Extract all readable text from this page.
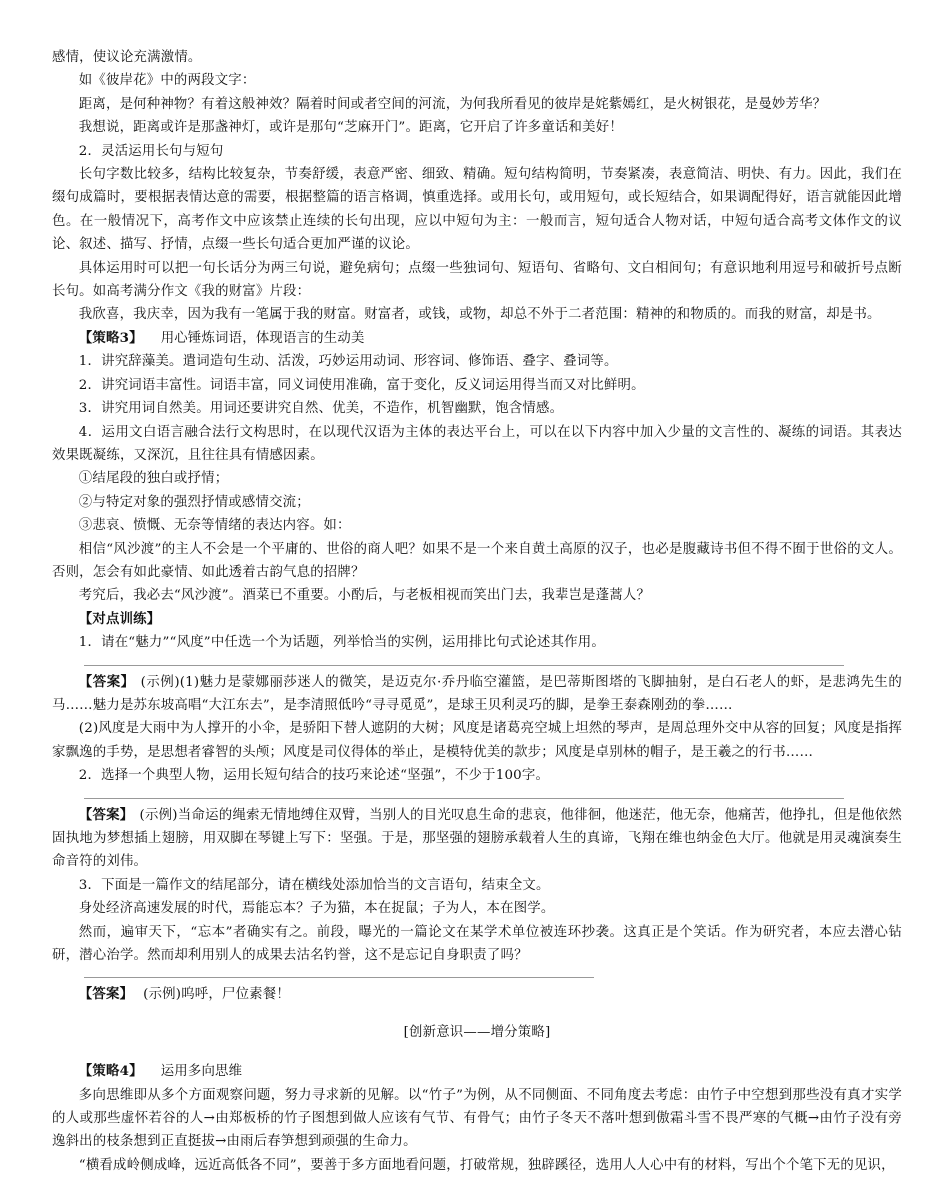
感情，使议论充满激情。

如《彼岸花》中的两段文字：

距离，是何种神物？有着这般神效？隔着时间或者空间的河流，为何我所看见的彼岸是姹紫嫣红，是火树银花，是曼妙芳华？

我想说，距离或许是那盏神灯，或许是那句“芝麻开门”。距离，它开启了许多童话和美好！

2．灵活运用长句与短句

长句字数比较多，结构比较复杂，节奏舒缓，表意严密、细致、精确。短句结构简明，节奏紧凑，表意简洁、明快、有力。因此，我们在缀句成篇时，要根据表情达意的需要，根据整篇的语言格调，慎重选择。或用长句，或用短句，或长短结合，如果调配得好，语言就能因此增色。在一般情况下，高考作文中应该禁止连续的长句出现，应以中短句为主：一般而言，短句适合人物对话，中短句适合高考文体作文的议论、叙述、描写、抒情，点缀一些长句适合更加严谨的议论。

具体运用时可以把一句长话分为两三句说，避免病句；点缀一些独词句、短语句、省略句、文白相间句；有意识地利用逗号和破折号点断长句。如高考满分作文《我的财富》片段：

我欣喜，我庆幸，因为我有一笔属于我的财富。财富者，或钱，或物，却总不外于二者范围：精神的和物质的。而我的财富，却是书。

【策略3】 用心锤炼词语，体现语言的生动美

1．讲究辞藻美。遣词造句生动、活泼，巧妙运用动词、形容词、修饰语、叠字、叠词等。

2．讲究词语丰富性。词语丰富，同义词使用准确，富于变化，反义词运用得当而又对比鲜明。

3．讲究用词自然美。用词还要讲究自然、优美，不造作，机智幽默，饱含情感。

4．运用文白语言融合法行文构思时，在以现代汉语为主体的表达平台上，可以在以下内容中加入少量的文言性的、凝练的词语。其表达效果既凝练，又深沉，且往往具有情感因素。

①结尾段的独白或抒情；

②与特定对象的强烈抒情或感情交流；

③悲哀、愤慨、无奈等情绪的表达内容。如：

相信“风沙渡”的主人不会是一个平庸的、世俗的商人吧？如果不是一个来自黄土高原的汉子，也必是腹藏诗书但不得不囿于世俗的文人。否则，怎会有如此豪情、如此透着古韵气息的招牌？

考究后，我必去“风沙渡”。酒菜已不重要。小酌后，与老板相视而笑出门去，我辈岂是蓬蒿人？

【对点训练】

1．请在“魅力”“风度”中任选一个为话题，列举恰当的实例，运用排比句式论述其作用。

【答案】 (示例)(1)魅力是蒙娜丽莎迷人的微笑，是迈克尔·乔丹临空灌篮，是巴蒂斯图塔的飞脚抽射，是白石老人的虾，是悲鸿先生的马……魅力是苏东坡高唱“大江东去”，是李清照低吟“寻寻觅觅”，是球王贝利灵巧的脚，是拳王泰森刚劲的拳……

(2)风度是大雨中为人撑开的小伞，是骄阳下替人遮阴的大树；风度是诸葛亮空城上坦然的琴声，是周总理外交中从容的回复；风度是指挥家飘逸的手势，是思想者睿智的头颅；风度是司仪得体的举止，是模特优美的款步；风度是卓别林的帽子，是王羲之的行书……

2．选择一个典型人物，运用长短句结合的技巧来论述“坚强”，不少于100字。

【答案】 (示例)当命运的绳索无情地缚住双臂，当别人的目光叹息生命的悲哀，他徘徊，他迷茫，他无奈，他痛苦，他挣扎，但是他依然固执地为梦想插上翅膀，用双脚在琴键上写下：坚强。于是，那坚强的翅膀承载着人生的真谛，飞翔在维也纳金色大厅。他就是用灵魂演奏生命音符的刘伟。

3．下面是一篇作文的结尾部分，请在横线处添加恰当的文言语句，结束全文。

身处经济高速发展的时代，焉能忘本？子为猫，本在捉鼠；子为人，本在图学。

然而，遍审天下，“忘本”者确实有之。前段，曝光的一篇论文在某学术单位被连环抄袭。这真正是个笑话。作为研究者，本应去潜心钻研，潜心治学。然而却利用别人的成果去沽名钓誉，这不是忘记自身职责了吗？

【答案】 (示例)呜呼，尸位素餐！

[创新意识——增分策略]

【策略4】 运用多向思维

多向思维即从多个方面观察问题，努力寻求新的见解。以“竹子”为例，从不同侧面、不同角度去考虑：由竹子中空想到那些没有真才实学的人或那些虚怀若谷的人→由郑板桥的竹子图想到做人应该有气节、有骨气；由竹子冬天不落叶想到傲霜斗雪不畏严寒的气概→由竹子没有旁逸斜出的枝条想到正直挺拔→由雨后春笋想到顽强的生命力。

“横看成岭侧成峰，远近高低各不同”，要善于多方面地看问题，打破常规，独辟蹊径，选用人人心中有的材料，写出个个笔下无的见识，
